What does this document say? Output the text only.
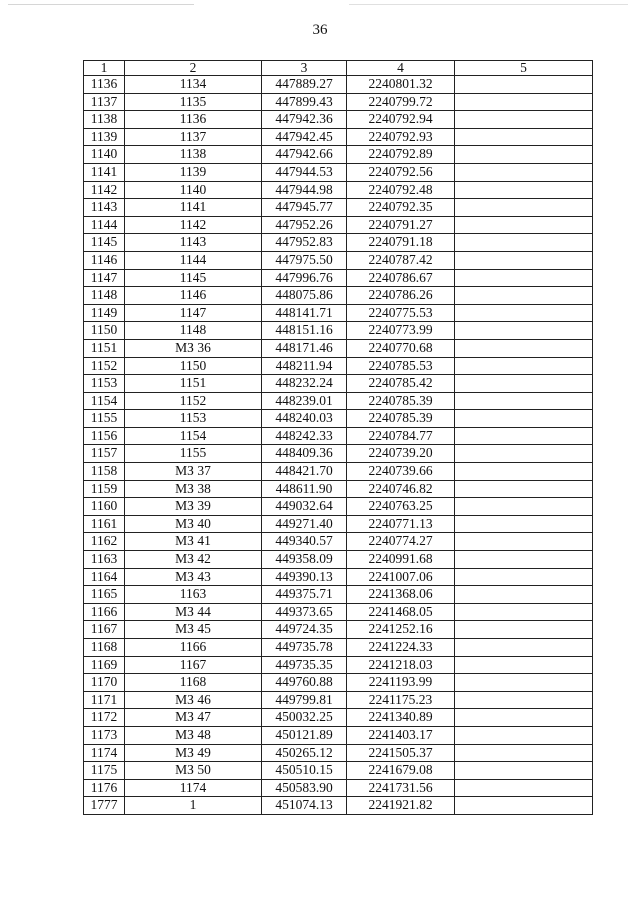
36
1	2	3	4	5
1136	1134	447889.27	2240801.32	
1137	1135	447899.43	2240799.72	
1138	1136	447942.36	2240792.94	
1139	1137	447942.45	2240792.93	
1140	1138	447942.66	2240792.89	
1141	1139	447944.53	2240792.56	
1142	1140	447944.98	2240792.48	
1143	1141	447945.77	2240792.35	
1144	1142	447952.26	2240791.27	
1145	1143	447952.83	2240791.18	
1146	1144	447975.50	2240787.42	
1147	1145	447996.76	2240786.67	
1148	1146	448075.86	2240786.26	
1149	1147	448141.71	2240775.53	
1150	1148	448151.16	2240773.99	
1151	МЗ 36	448171.46	2240770.68	
1152	1150	448211.94	2240785.53	
1153	1151	448232.24	2240785.42	
1154	1152	448239.01	2240785.39	
1155	1153	448240.03	2240785.39	
1156	1154	448242.33	2240784.77	
1157	1155	448409.36	2240739.20	
1158	МЗ 37	448421.70	2240739.66	
1159	МЗ 38	448611.90	2240746.82	
1160	МЗ 39	449032.64	2240763.25	
1161	МЗ 40	449271.40	2240771.13	
1162	МЗ 41	449340.57	2240774.27	
1163	МЗ 42	449358.09	2240991.68	
1164	МЗ 43	449390.13	2241007.06	
1165	1163	449375.71	2241368.06	
1166	МЗ 44	449373.65	2241468.05	
1167	МЗ 45	449724.35	2241252.16	
1168	1166	449735.78	2241224.33	
1169	1167	449735.35	2241218.03	
1170	1168	449760.88	2241193.99	
1171	МЗ 46	449799.81	2241175.23	
1172	МЗ 47	450032.25	2241340.89	
1173	МЗ 48	450121.89	2241403.17	
1174	МЗ 49	450265.12	2241505.37	
1175	МЗ 50	450510.15	2241679.08	
1176	1174	450583.90	2241731.56	
1777	1	451074.13	2241921.82	
